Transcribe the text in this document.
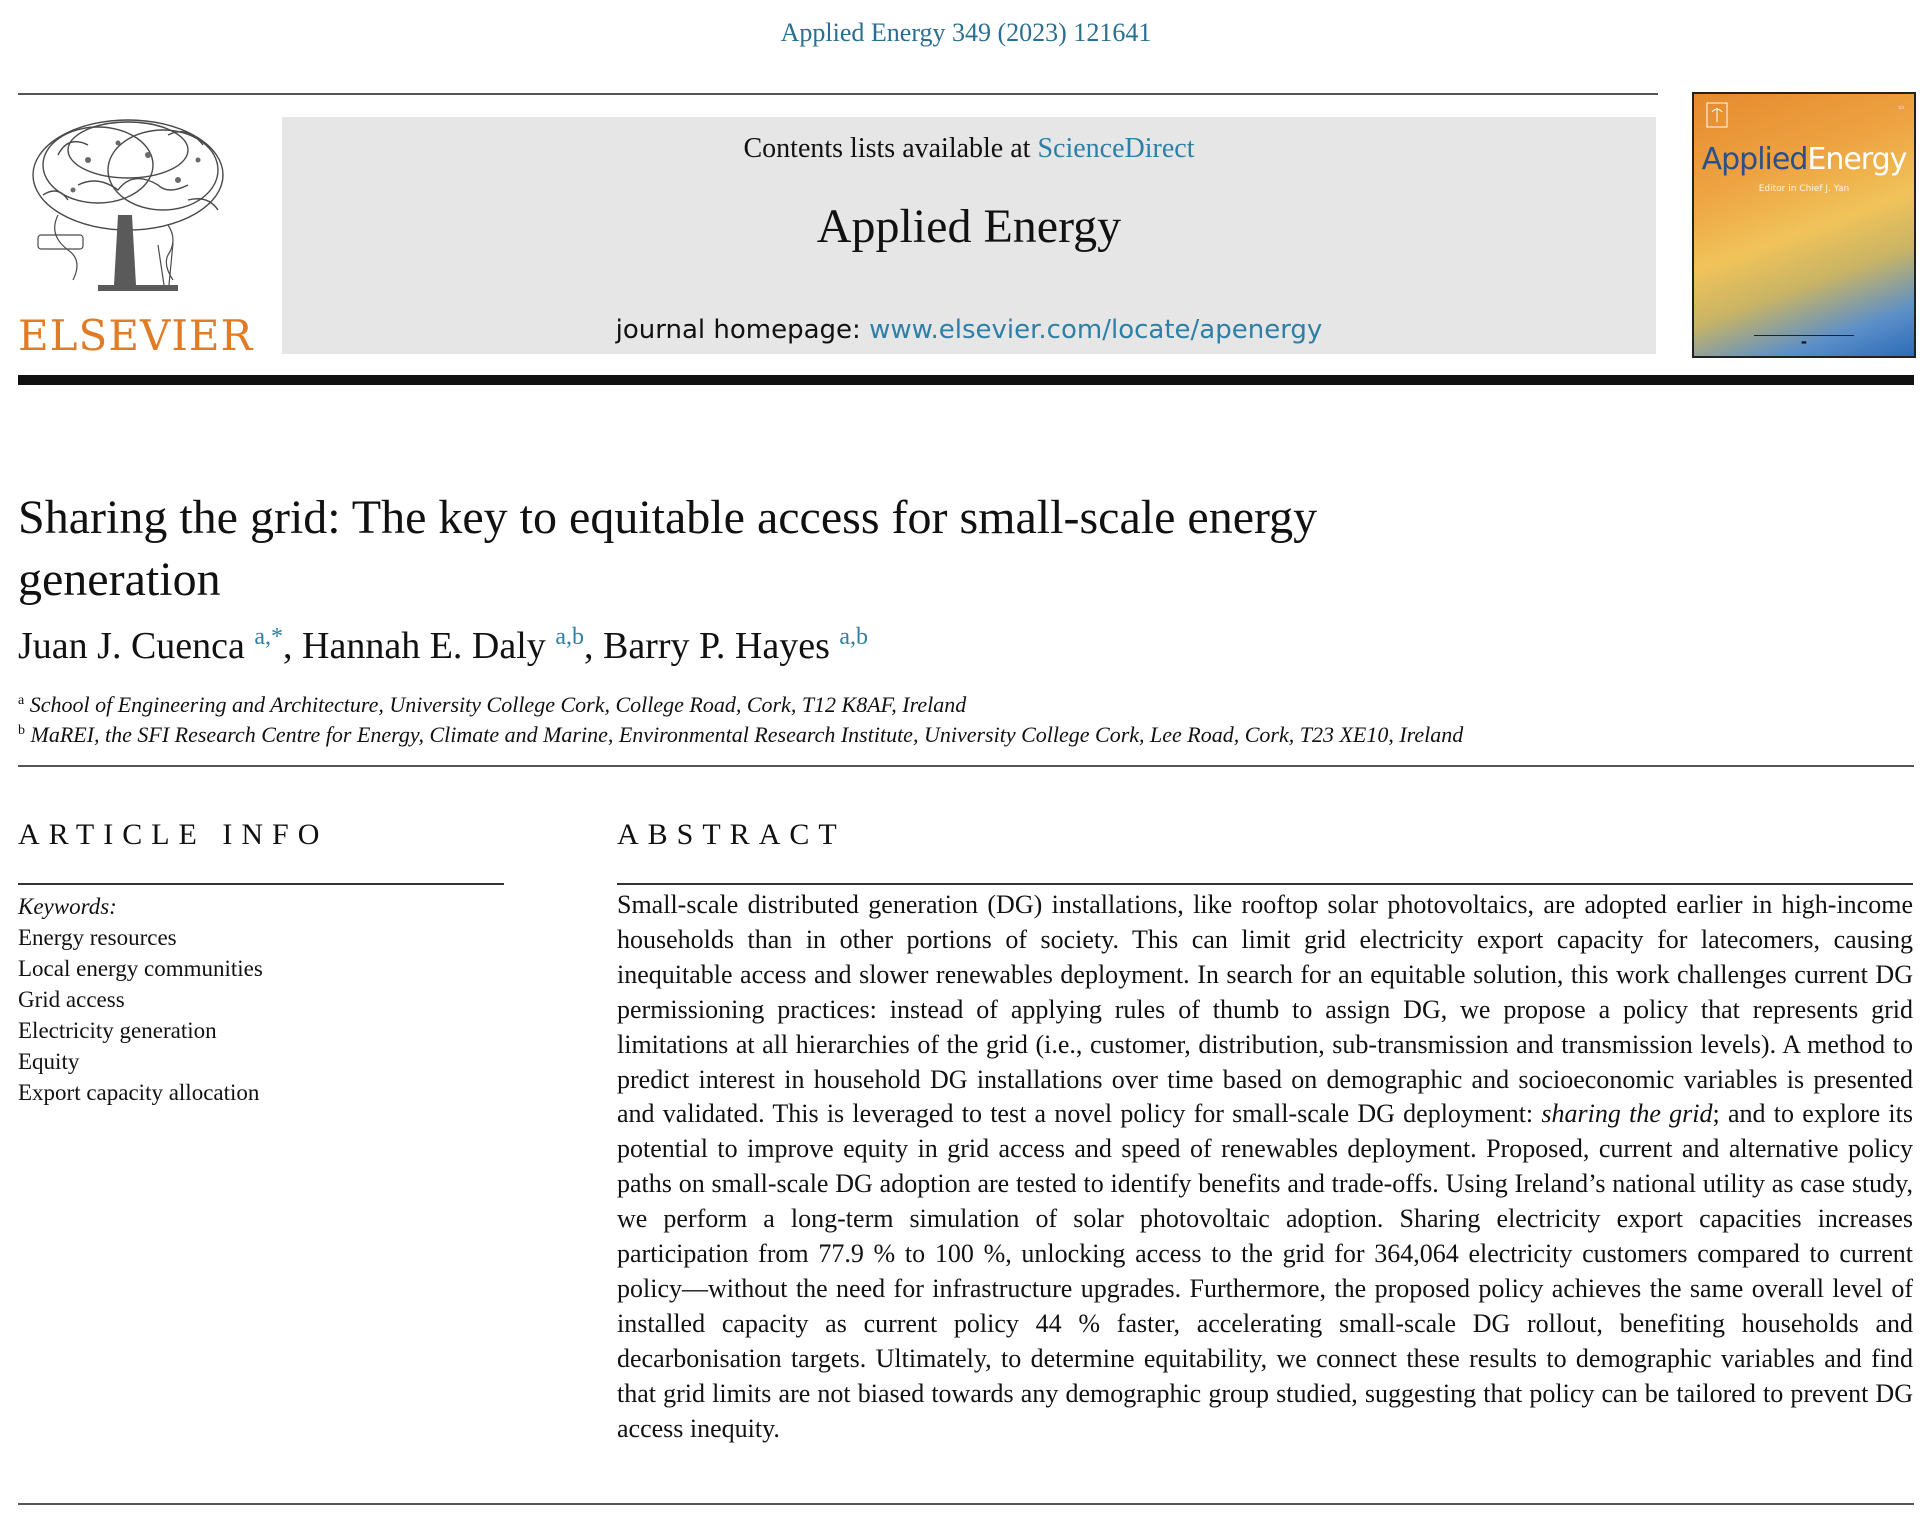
Applied Energy 349 (2023) 121641
ELSEVIER
Contents lists available at ScienceDirect
Applied Energy
journal homepage: www.elsevier.com/locate/apenergy
▭
AppliedEnergy
Editor in Chief J. Yan
▬
Sharing the grid: The key to equitable access for small-scale energy generation
Juan J. Cuenca $^{a,*}$, Hannah E. Daly $^{a,b}$, Barry P. Hayes $^{a,b}$
$^a$ School of Engineering and Architecture, University College Cork, College Road, Cork, T12 K8AF, Ireland
$^b$ MaREI, the SFI Research Centre for Energy, Climate and Marine, Environmental Research Institute, University College Cork, Lee Road, Cork, T23 XE10, Ireland
ARTICLE INFO	ABSTRACT
Keywords:
Energy resources
Local energy communities
Grid access
Electricity generation
Equity
Export capacity allocation

Small-scale distributed generation (DG) installations, like rooftop solar photovoltaics, are adopted earlier in high-income households than in other portions of society. This can limit grid electricity export capacity for latecomers, causing inequitable access and slower renewables deployment. In search for an equitable solution, this work challenges current DG permissioning practices: instead of applying rules of thumb to assign DG, we propose a policy that represents grid limitations at all hierarchies of the grid (i.e., customer, distribution, sub-transmission and transmission levels). A method to predict interest in household DG installations over time based on demographic and socioeconomic variables is presented and validated. This is leveraged to test a novel policy for small-scale DG deployment: sharing the grid; and to explore its potential to improve equity in grid access and speed of renewables deployment. Proposed, current and alternative policy paths on small-scale DG adoption are tested to identify benefits and trade-offs. Using Ireland’s national utility as case study, we perform a long-term simulation of solar photovoltaic adoption. Sharing electricity export capacities increases participation from 77.9 % to 100 %, unlocking access to the grid for 364,064 electricity customers compared to current policy—without the need for infrastructure upgrades. Furthermore, the proposed policy achieves the same overall level of installed capacity as current policy 44 % faster, accelerating small-scale DG rollout, benefiting households and decarbonisation targets. Ultimately, to determine equitability, we connect these results to demographic variables and find that grid limits are not biased towards any demographic group studied, suggesting that policy can be tailored to prevent DG access inequity.
